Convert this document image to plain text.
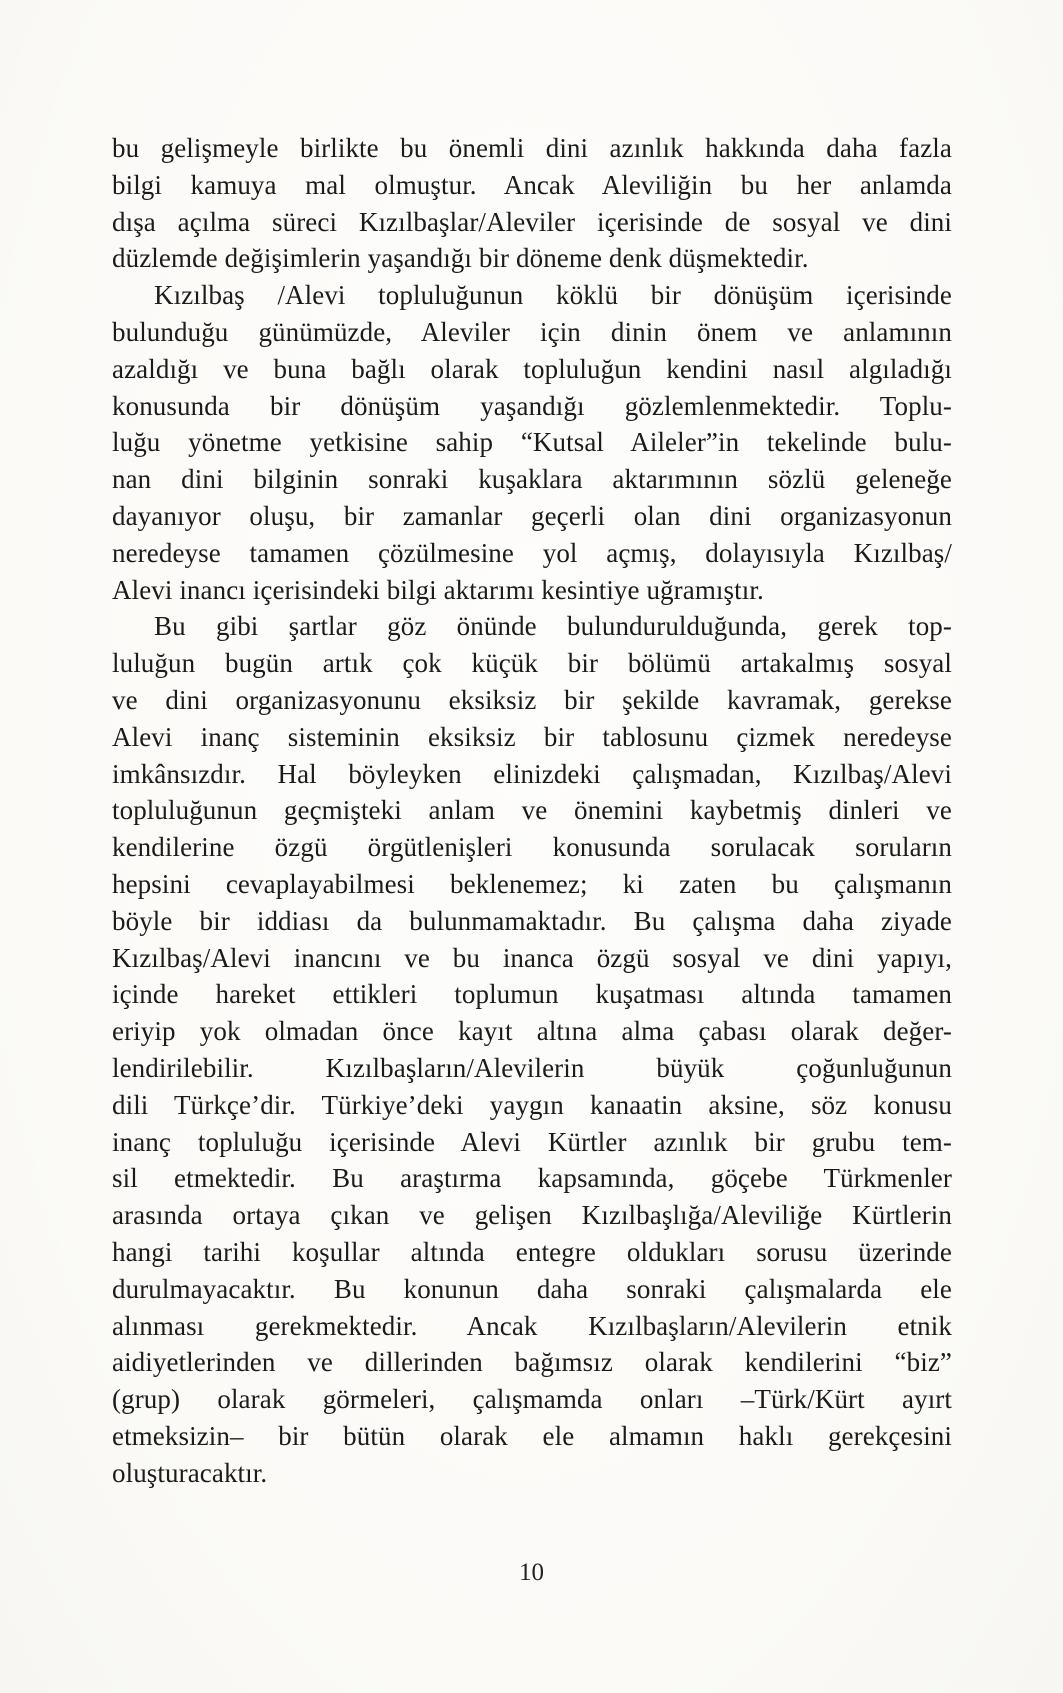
bu gelişmeyle birlikte bu önemli dini azınlık hakkında daha fazla
bilgi kamuya mal olmuştur. Ancak Aleviliğin bu her anlamda
dışa açılma süreci Kızılbaşlar/Aleviler içerisinde de sosyal ve dini
düzlemde değişimlerin yaşandığı bir döneme denk düşmektedir.
Kızılbaş /Alevi topluluğunun köklü bir dönüşüm içerisinde
bulunduğu günümüzde, Aleviler için dinin önem ve anlamının
azaldığı ve buna bağlı olarak topluluğun kendini nasıl algıladığı
konusunda bir dönüşüm yaşandığı gözlemlenmektedir. Toplu-
luğu yönetme yetkisine sahip “Kutsal Aileler”in tekelinde bulu-
nan dini bilginin sonraki kuşaklara aktarımının sözlü geleneğe
dayanıyor oluşu, bir zamanlar geçerli olan dini organizasyonun
neredeyse tamamen çözülmesine yol açmış, dolayısıyla Kızılbaş/
Alevi inancı içerisindeki bilgi aktarımı kesintiye uğramıştır.
Bu gibi şartlar göz önünde bulundurulduğunda, gerek top-
luluğun bugün artık çok küçük bir bölümü artakalmış sosyal
ve dini organizasyonunu eksiksiz bir şekilde kavramak, gerekse
Alevi inanç sisteminin eksiksiz bir tablosunu çizmek neredeyse
imkânsızdır. Hal böyleyken elinizdeki çalışmadan, Kızılbaş/Alevi
topluluğunun geçmişteki anlam ve önemini kaybetmiş dinleri ve
kendilerine özgü örgütlenişleri konusunda sorulacak soruların
hepsini cevaplayabilmesi beklenemez; ki zaten bu çalışmanın
böyle bir iddiası da bulunmamaktadır. Bu çalışma daha ziyade
Kızılbaş/Alevi inancını ve bu inanca özgü sosyal ve dini yapıyı,
içinde hareket ettikleri toplumun kuşatması altında tamamen
eriyip yok olmadan önce kayıt altına alma çabası olarak değer-
lendirilebilir. Kızılbaşların/Alevilerin büyük çoğunluğunun
dili Türkçe’dir. Türkiye’deki yaygın kanaatin aksine, söz konusu
inanç topluluğu içerisinde Alevi Kürtler azınlık bir grubu tem-
sil etmektedir. Bu araştırma kapsamında, göçebe Türkmenler
arasında ortaya çıkan ve gelişen Kızılbaşlığa/Aleviliğe Kürtlerin
hangi tarihi koşullar altında entegre oldukları sorusu üzerinde
durulmayacaktır. Bu konunun daha sonraki çalışmalarda ele
alınması gerekmektedir. Ancak Kızılbaşların/Alevilerin etnik
aidiyetlerinden ve dillerinden bağımsız olarak kendilerini “biz”
(grup) olarak görmeleri, çalışmamda onları –Türk/Kürt ayırt
etmeksizin– bir bütün olarak ele almamın haklı gerekçesini
oluşturacaktır.
10
